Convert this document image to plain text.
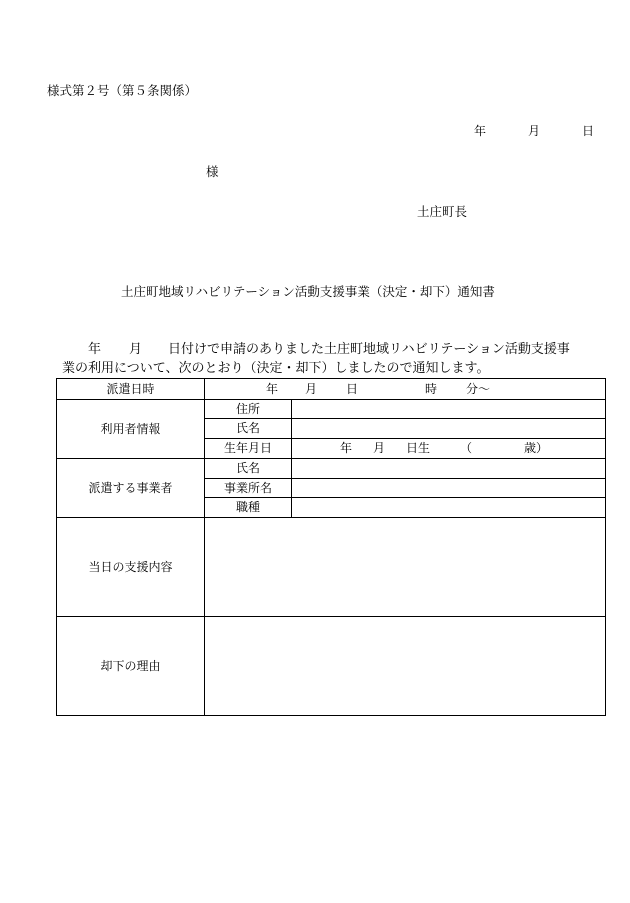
様式第２号（第５条関係）
年	月	日
様
土庄町長
土庄町地域リハビリテーション活動支援事業（決定・却下）通知書
年 月 日付けで申請のありました土庄町地域リハビリテーション活動支援事
業の利用について、次のとおり（決定・却下）しましたので通知します。
派遣日時	年 月 日 時 分～	

利用者情報	住所	
	氏名	
	生年月日	年 月 日生 （ 歳）

派遣する事業者	氏名	
	事業所名	
	職種	
当日の支援内容		
却下の理由		
